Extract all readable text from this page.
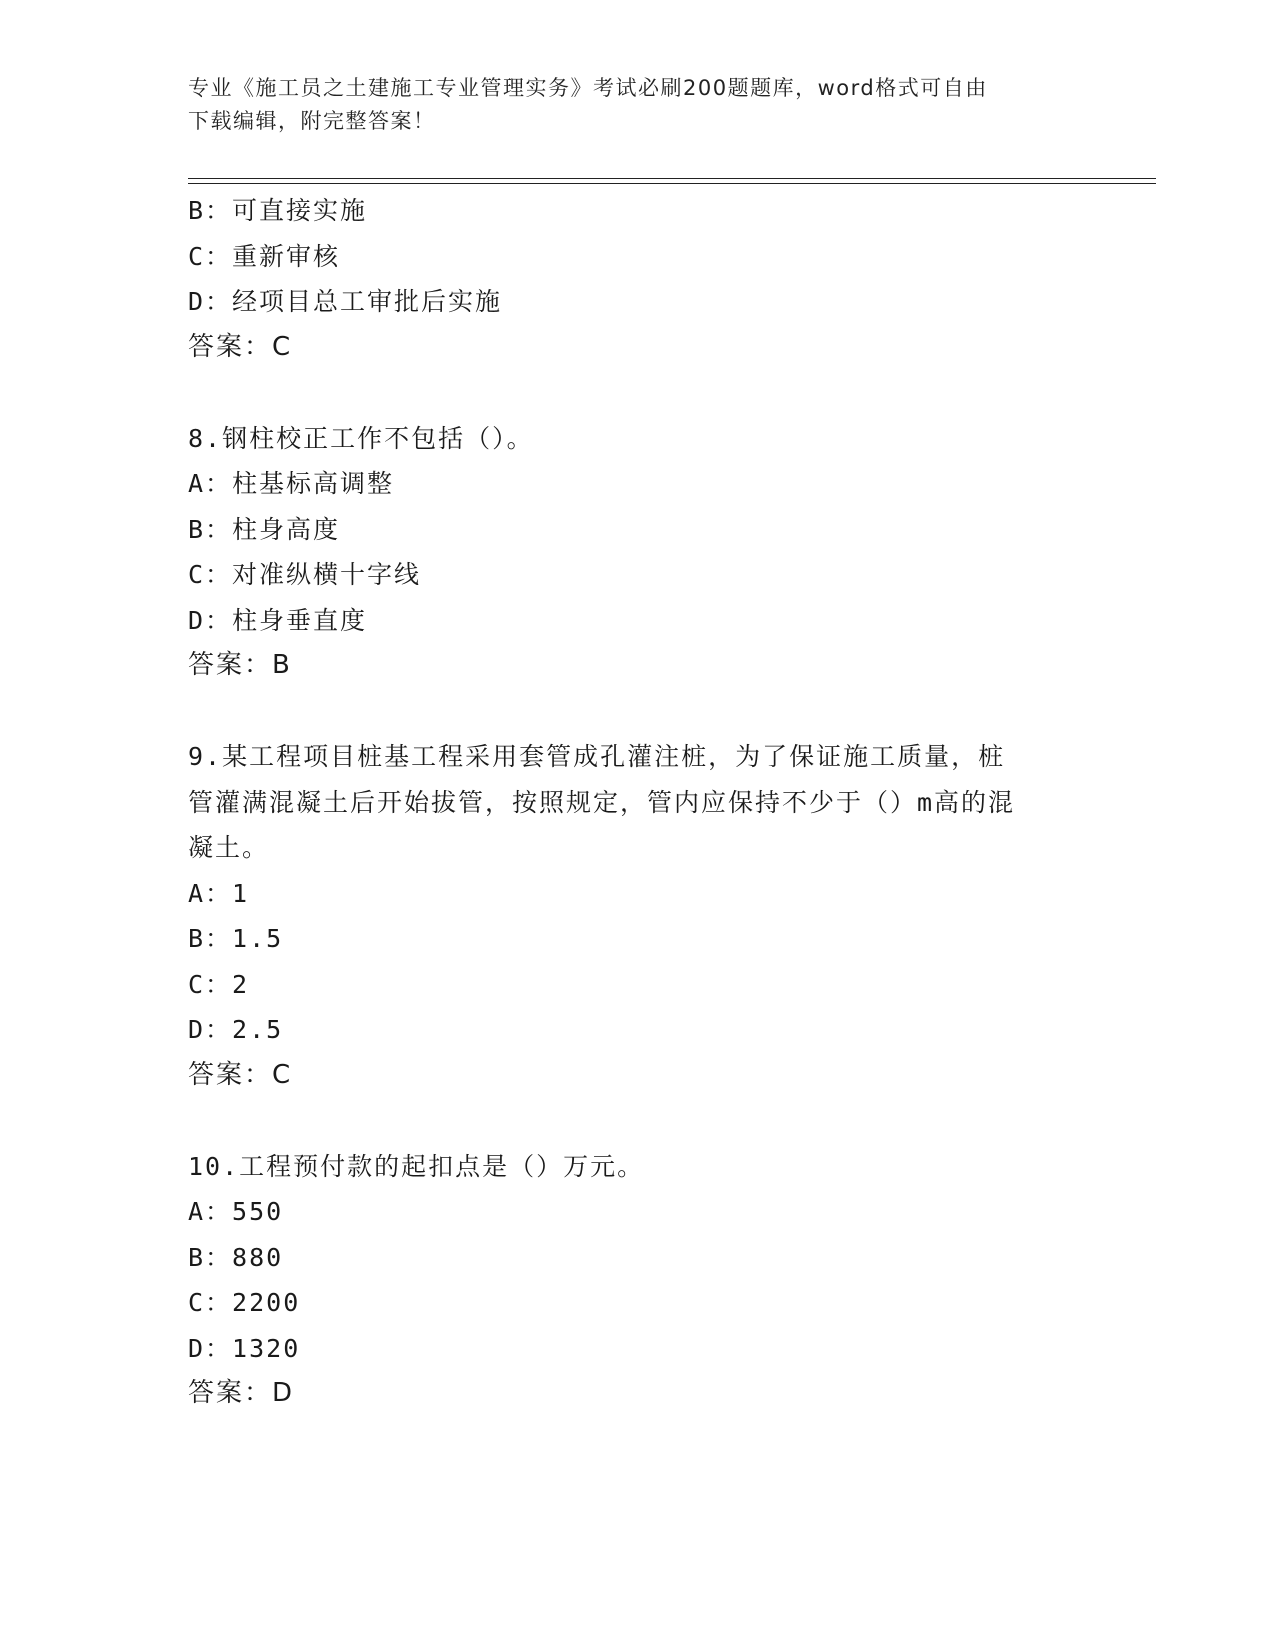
专业《施工员之土建施工专业管理实务》考试必刷200题题库，word格式可自由
下载编辑，附完整答案！
B：可直接实施
C：重新审核
D：经项目总工审批后实施
答案：C
8.钢柱校正工作不包括（）。
A：柱基标高调整
B：柱身高度
C：对准纵横十字线
D：柱身垂直度
答案：B
9.某工程项目桩基工程采用套管成孔灌注桩，为了保证施工质量，桩
管灌满混凝土后开始拔管，按照规定，管内应保持不少于（）m高的混
凝土。
A：1
B：1.5
C：2
D：2.5
答案：C
10.工程预付款的起扣点是（）万元。
A：550
B：880
C：2200
D：1320
答案：D
